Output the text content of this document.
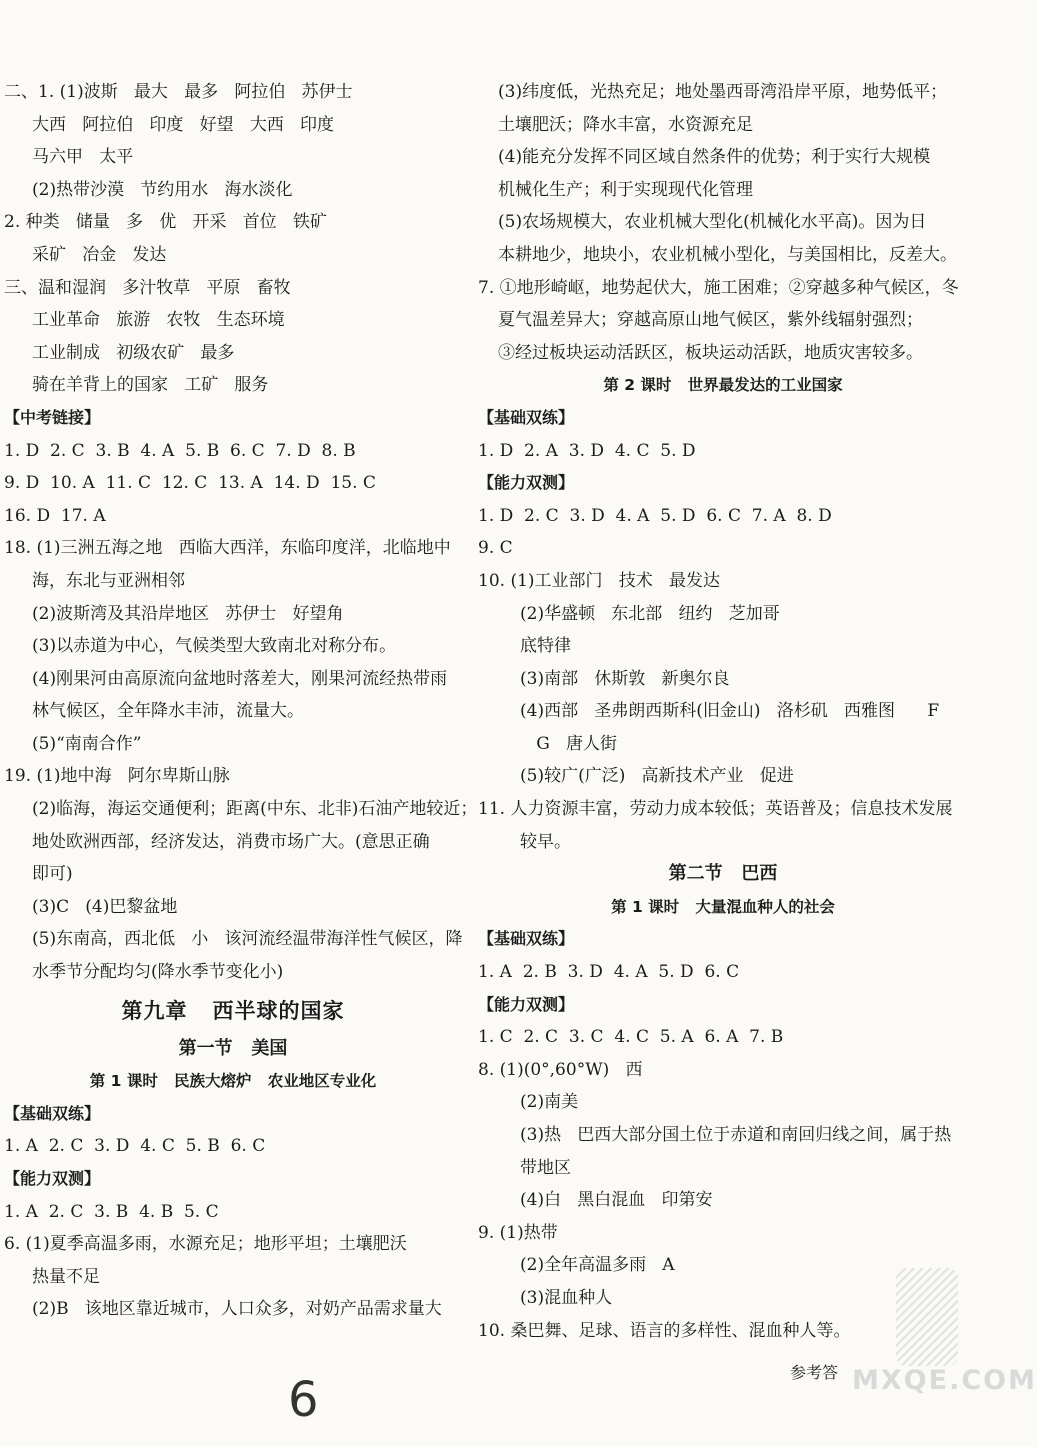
二、1. (1)波斯   最大   最多   阿拉伯   苏伊士
大西   阿拉伯   印度   好望   大西   印度
马六甲   太平
(2)热带沙漠   节约用水   海水淡化
2. 种类   储量   多   优   开采   首位   铁矿
采矿   冶金   发达
三、温和湿润   多汁牧草   平原   畜牧
工业革命   旅游   农牧   生态环境
工业制成   初级农矿   最多
骑在羊背上的国家   工矿   服务
【中考链接】
1. D  2. C  3. B  4. A  5. B  6. C  7. D  8. B
9. D  10. A  11. C  12. C  13. A  14. D  15. C
16. D  17. A
18. (1)三洲五海之地   西临大西洋，东临印度洋，北临地中
海，东北与亚洲相邻
(2)波斯湾及其沿岸地区   苏伊士   好望角
(3)以赤道为中心，气候类型大致南北对称分布。
(4)刚果河由高原流向盆地时落差大，刚果河流经热带雨
林气候区，全年降水丰沛，流量大。
(5)“南南合作”
19. (1)地中海   阿尔卑斯山脉
(2)临海，海运交通便利；距离(中东、北非)石油产地较近；
地处欧洲西部，经济发达，消费市场广大。(意思正确
即可)
(3)C   (4)巴黎盆地
(5)东南高，西北低   小   该河流经温带海洋性气候区，降
水季节分配均匀(降水季节变化小)
第九章   西半球的国家
第一节   美国
第 1 课时   民族大熔炉   农业地区专业化
【基础双练】
1. A  2. C  3. D  4. C  5. B  6. C
【能力双测】
1. A  2. C  3. B  4. B  5. C
6. (1)夏季高温多雨，水源充足；地形平坦；土壤肥沃
热量不足
(2)B   该地区靠近城市，人口众多，对奶产品需求量大
(3)纬度低，光热充足；地处墨西哥湾沿岸平原，地势低平；
土壤肥沃；降水丰富，水资源充足
(4)能充分发挥不同区域自然条件的优势；利于实行大规模
机械化生产；利于实现现代化管理
(5)农场规模大，农业机械大型化(机械化水平高)。因为日
本耕地少，地块小，农业机械小型化，与美国相比，反差大。
7. ①地形崎岖，地势起伏大，施工困难；②穿越多种气候区，冬
夏气温差异大；穿越高原山地气候区，紫外线辐射强烈；
③经过板块运动活跃区，板块运动活跃，地质灾害较多。
第 2 课时   世界最发达的工业国家
【基础双练】
1. D  2. A  3. D  4. C  5. D
【能力双测】
1. D  2. C  3. D  4. A  5. D  6. C  7. A  8. D
9. C
10. (1)工业部门   技术   最发达
(2)华盛顿   东北部   纽约   芝加哥
底特律
(3)南部   休斯敦   新奥尔良
(4)西部   圣弗朗西斯科(旧金山)   洛杉矶   西雅图      F
G   唐人街
(5)较广(广泛)   高新技术产业   促进
11. 人力资源丰富，劳动力成本较低；英语普及；信息技术发展
较早。
第二节   巴西
第 1 课时   大量混血种人的社会
【基础双练】
1. A  2. B  3. D  4. A  5. D  6. C
【能力双测】
1. C  2. C  3. C  4. C  5. A  6. A  7. B
8. (1)(0°,60°W)   西
(2)南美
(3)热   巴西大部分国土位于赤道和南回归线之间，属于热
带地区
(4)白   黑白混血   印第安
9. (1)热带
(2)全年高温多雨   A
(3)混血种人
10. 桑巴舞、足球、语言的多样性、混血种人等。
参考答
6	MXQE.COM
